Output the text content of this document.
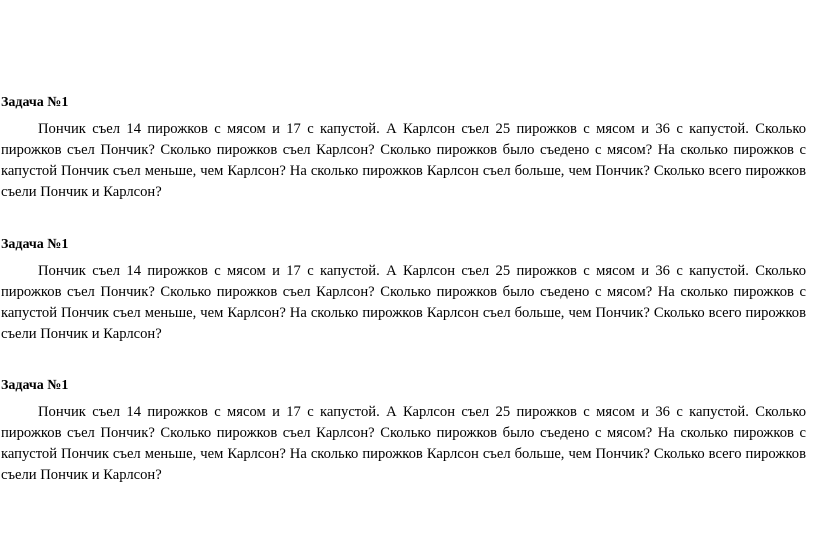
Задача №1

Пончик съел 14 пирожков с мясом и 17 с капустой. А Карлсон съел 25 пирожков с мясом и 36 с капустой. Сколько пирожков съел Пончик? Сколько пирожков съел Карлсон? Сколько пирожков было съедено с мясом? На сколько пирожков с капустой Пончик съел меньше, чем Карлсон? На сколько пирожков Карлсон съел больше, чем Пончик? Сколько всего пирожков съели Пончик и Карлсон?

Задача №1

Пончик съел 14 пирожков с мясом и 17 с капустой. А Карлсон съел 25 пирожков с мясом и 36 с капустой. Сколько пирожков съел Пончик? Сколько пирожков съел Карлсон? Сколько пирожков было съедено с мясом? На сколько пирожков с капустой Пончик съел меньше, чем Карлсон? На сколько пирожков Карлсон съел больше, чем Пончик? Сколько всего пирожков съели Пончик и Карлсон?

Задача №1

Пончик съел 14 пирожков с мясом и 17 с капустой. А Карлсон съел 25 пирожков с мясом и 36 с капустой. Сколько пирожков съел Пончик? Сколько пирожков съел Карлсон? Сколько пирожков было съедено с мясом? На сколько пирожков с капустой Пончик съел меньше, чем Карлсон? На сколько пирожков Карлсон съел больше, чем Пончик? Сколько всего пирожков съели Пончик и Карлсон?
